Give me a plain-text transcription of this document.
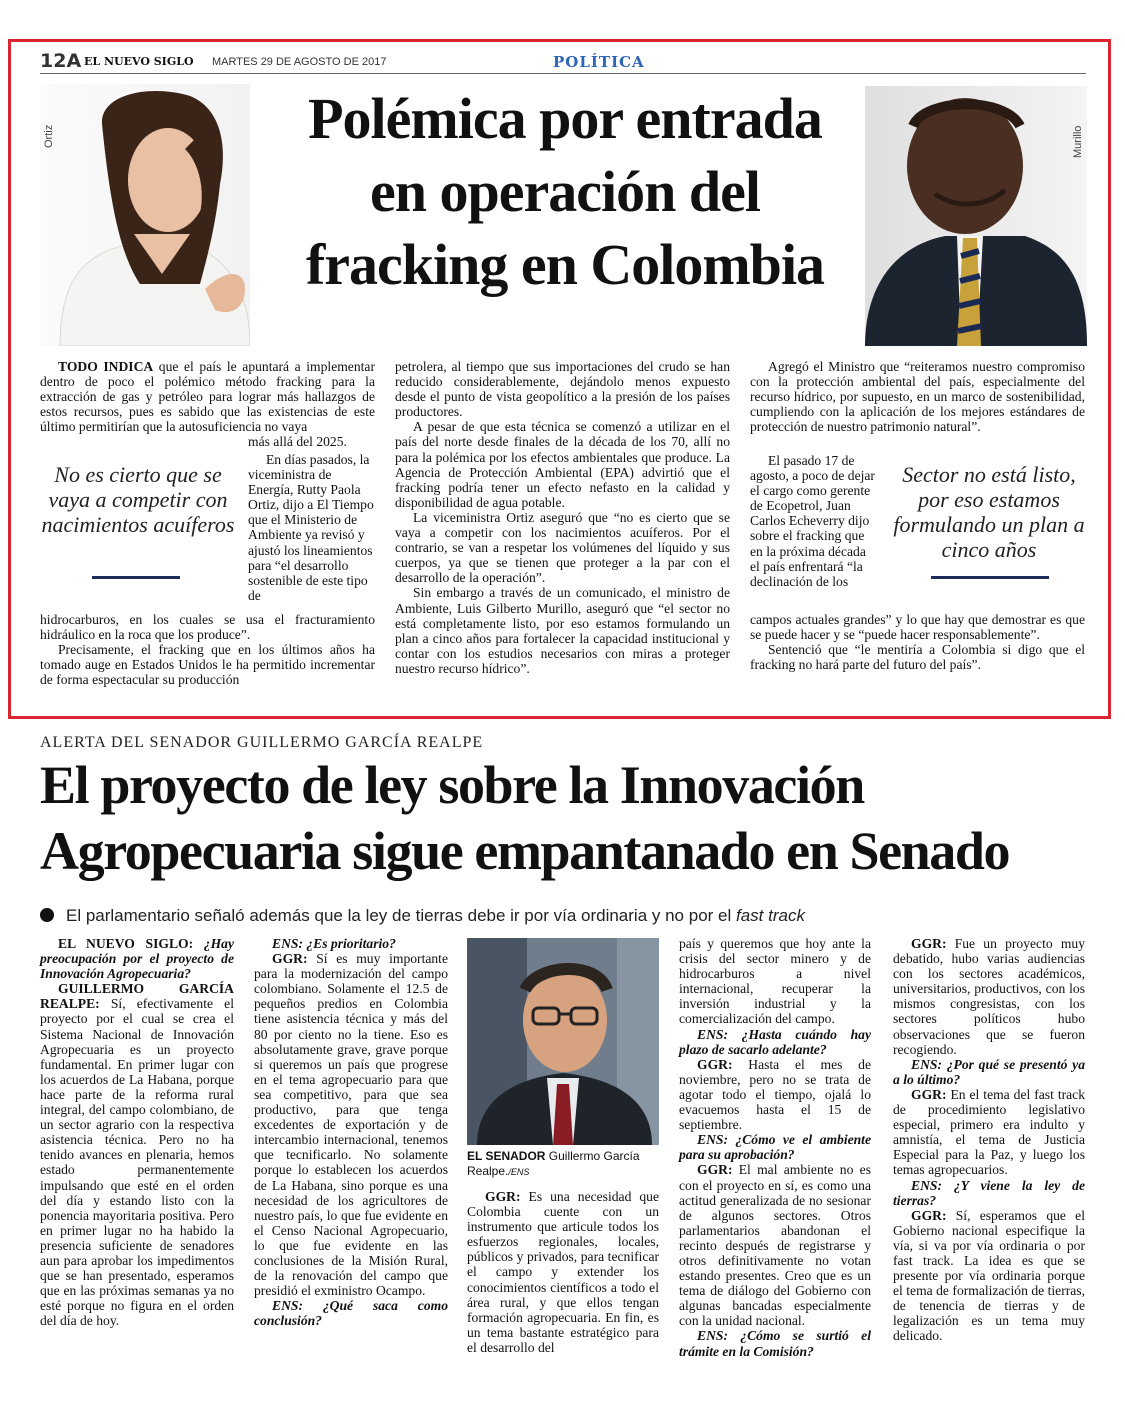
12A EL NUEVO SIGLO MARTES 29 DE AGOSTO DE 2017	POLÍTICA
Ortiz	Polémica por entrada
en operación del
fracking en Colombia
Murillo

TODO INDICA que el país le apuntará a implementar dentro de poco el polémico método fracking para la extracción de gas y petróleo para lograr más hallazgos de estos recursos, pues es sabido que las existencias de este último permitirían que la autosuficiencia no vaya

más allá del 2025.

En días pasados, la viceministra de Energía, Rutty Paola Ortiz, dijo a El Tiempo que el Ministerio de Ambiente ya revisó y ajustó los lineamientos para “el desarrollo sostenible de este tipo de

hidrocarburos, en los cuales se usa el fracturamiento hidráulico en la roca que los produce”.

Precisamente, el fracking que en los últimos años ha tomado auge en Estados Unidos le ha permitido incrementar de forma espectacular su producción

No es cierto que se vaya a competir con nacimientos acuíferos

petrolera, al tiempo que sus importaciones del crudo se han reducido considerablemente, dejándolo menos expuesto desde el punto de vista geopolítico a la presión de los países productores.

A pesar de que esta técnica se comenzó a utilizar en el país del norte desde finales de la década de los 70, allí no para la polémica por los efectos ambientales que produce. La Agencia de Protección Ambiental (EPA) advirtió que el fracking podría tener un efecto nefasto en la calidad y disponibilidad de agua potable.

La viceministra Ortiz aseguró que “no es cierto que se vaya a competir con los nacimientos acuíferos. Por el contrario, se van a respetar los volúmenes del líquido y sus cuerpos, ya que se tienen que proteger a la par con el desarrollo de la operación”.

Sin embargo a través de un comunicado, el ministro de Ambiente, Luis Gilberto Murillo, aseguró que “el sector no está completamente listo, por eso estamos formulando un plan a cinco años para fortalecer la capacidad institucional y contar con los estudios necesarios con miras a proteger nuestro recurso hídrico”.

Agregó el Ministro que “reiteramos nuestro compromiso con la protección ambiental del país, especialmente del recurso hídrico, por supuesto, en un marco de sostenibilidad, cumpliendo con la aplicación de los mejores estándares de protección de nuestro patrimonio natural”.

El pasado 17 de agosto, a poco de dejar el cargo como gerente de Ecopetrol, Juan Carlos Echeverry dijo sobre el fracking que en la próxima década el país enfrentará “la declinación de los

campos actuales grandes” y lo que hay que demostrar es que se puede hacer y se “puede hacer responsablemente”.

Sentenció que “le mentiría a Colombia si digo que el fracking no hará parte del futuro del país”.

Sector no está listo, por eso estamos formulando un plan a cinco años
ALERTA DEL SENADOR GUILLERMO GARCÍA REALPE
El proyecto de ley sobre la Innovación
Agropecuaria sigue empantanado en Senado
El parlamentario señaló además que la ley de tierras debe ir por vía ordinaria y no por el fast track

EL NUEVO SIGLO: ¿Hay preocupación por el proyecto de Innovación Agropecuaria?

GUILLERMO GARCÍA REALPE: Sí, efectivamente el proyecto por el cual se crea el Sistema Nacional de Innovación Agropecuaria es un proyecto fundamental. En primer lugar con los acuerdos de La Habana, porque hace parte de la reforma rural integral, del campo colombiano, de un sector agrario con la respectiva asistencia técnica. Pero no ha tenido avances en plenaria, hemos estado permanentemente impulsando que esté en el orden del día y estando listo con la ponencia mayoritaria positiva. Pero en primer lugar no ha habido la presencia suficiente de senadores aun para aprobar los impedimentos que se han presentado, esperamos que en las próximas semanas ya no esté porque no figura en el orden del día de hoy.

ENS: ¿Es prioritario?

GGR: Sí es muy importante para la modernización del campo colombiano. Solamente el 12.5 de pequeños predios en Colombia tiene asistencia técnica y más del 80 por ciento no la tiene. Eso es absolutamente grave, grave porque si queremos un país que progrese en el tema agropecuario para que sea competitivo, para que sea productivo, para que tenga excedentes de exportación y de intercambio internacional, tenemos que tecnificarlo. No solamente porque lo establecen los acuerdos de La Habana, sino porque es una necesidad de los agricultores de nuestro país, lo que fue evidente en el Censo Nacional Agropecuario, lo que fue evidente en las conclusiones de la Misión Rural, de la renovación del campo que presidió el exministro Ocampo.

ENS: ¿Qué saca como conclusión?

EL SENADOR Guillermo García Realpe./ENS

GGR: Es una necesidad que Colombia cuente con un instrumento que articule todos los esfuerzos regionales, locales, públicos y privados, para tecnificar el campo y extender los conocimientos científicos a todo el área rural, y que ellos tengan formación agropecuaria. En fin, es un tema bastante estratégico para el desarrollo del

país y queremos que hoy ante la crisis del sector minero y de hidrocarburos a nivel internacional, recuperar la inversión industrial y la comercialización del campo.

ENS: ¿Hasta cuándo hay plazo de sacarlo adelante?

GGR: Hasta el mes de noviembre, pero no se trata de agotar todo el tiempo, ojalá lo evacuemos hasta el 15 de septiembre.

ENS: ¿Cómo ve el ambiente para su aprobación?

GGR: El mal ambiente no es con el proyecto en sí, es como una actitud generalizada de no sesionar de algunos sectores. Otros parlamentarios abandonan el recinto después de registrarse y otros definitivamente no votan estando presentes. Creo que es un tema de diálogo del Gobierno con algunas bancadas especialmente con la unidad nacional.

ENS: ¿Cómo se surtió el trámite en la Comisión?

GGR: Fue un proyecto muy debatido, hubo varias audiencias con los sectores académicos, universitarios, productivos, con los mismos congresistas, con los sectores políticos hubo observaciones que se fueron recogiendo.

ENS: ¿Por qué se presentó ya a lo último?

GGR: En el tema del fast track de procedimiento legislativo especial, primero era indulto y amnistía, el tema de Justicia Especial para la Paz, y luego los temas agropecuarios.

ENS: ¿Y viene la ley de tierras?

GGR: Sí, esperamos que el Gobierno nacional especifique la vía, si va por vía ordinaria o por fast track. La idea es que se presente por vía ordinaria porque el tema de formalización de tierras, de tenencia de tierras y de legalización es un tema muy delicado.
